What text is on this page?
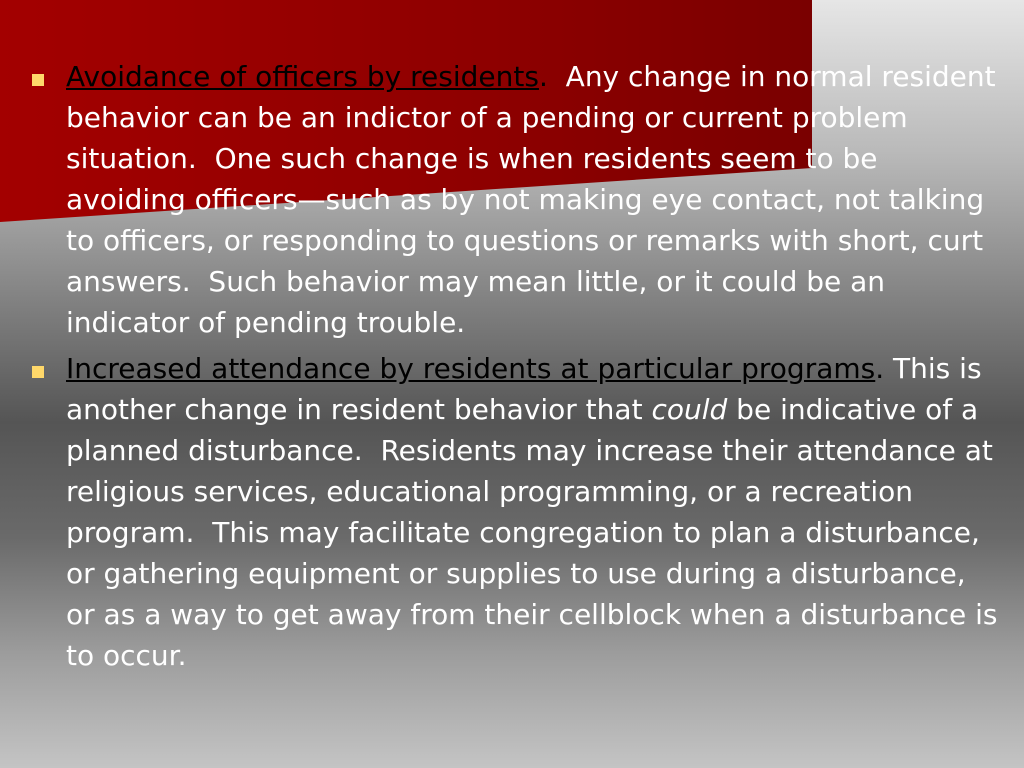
Avoidance of officers by residents.  Any change in normal resident behavior can be an indictor of a pending or current problem situation.  One such change is when residents seem to be avoiding officers—such as by not making eye contact, not talking to officers, or responding to questions or remarks with short, curt answers.  Such behavior may mean little, or it could be an indicator of pending trouble.
Increased attendance by residents at particular programs. This is another change in resident behavior that could be indicative of a planned disturbance.  Residents may increase their attendance at religious services, educational programming, or a recreation program.  This may facilitate congregation to plan a disturbance, or gathering equipment or supplies to use during a disturbance, or as a way to get away from their cellblock when a disturbance is to occur.
